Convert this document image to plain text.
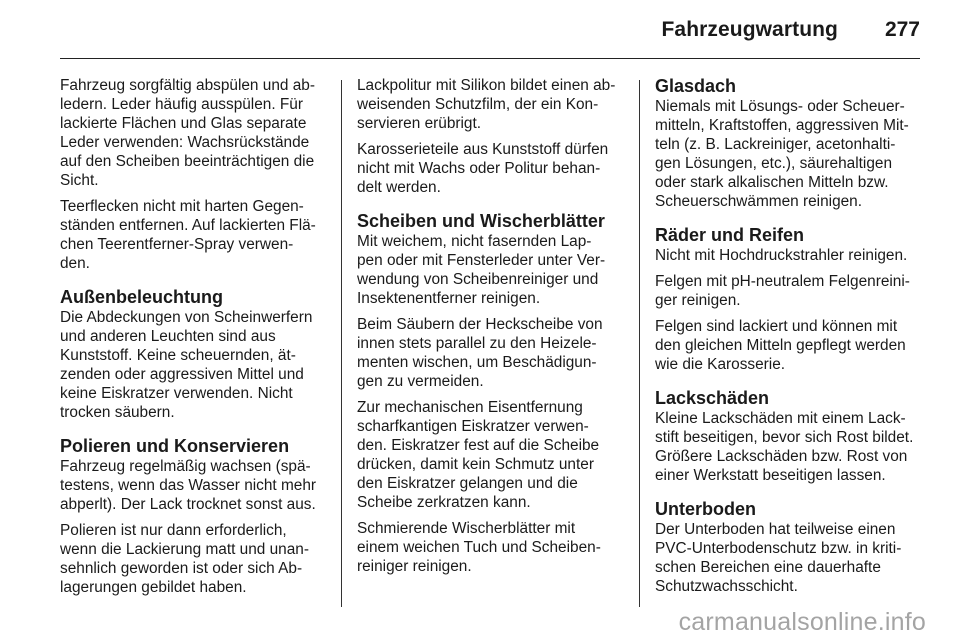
Fahrzeugwartung 277

Fahrzeug sorgfältig abspülen und ab-
ledern. Leder häufig ausspülen. Für
lackierte Flächen und Glas separate
Leder verwenden: Wachsrückstände
auf den Scheiben beeinträchtigen die
Sicht.

Teerflecken nicht mit harten Gegen-
ständen entfernen. Auf lackierten Flä-
chen Teerentferner-Spray verwen-
den.

Außenbeleuchtung

Die Abdeckungen von Scheinwerfern
und anderen Leuchten sind aus
Kunststoff. Keine scheuernden, ät-
zenden oder aggressiven Mittel und
keine Eiskratzer verwenden. Nicht
trocken säubern.

Polieren und Konservieren

Fahrzeug regelmäßig wachsen (spä-
testens, wenn das Wasser nicht mehr
abperlt). Der Lack trocknet sonst aus.

Polieren ist nur dann erforderlich,
wenn die Lackierung matt und unan-
sehnlich geworden ist oder sich Ab-
lagerungen gebildet haben.

Lackpolitur mit Silikon bildet einen ab-
weisenden Schutzfilm, der ein Kon-
servieren erübrigt.

Karosserieteile aus Kunststoff dürfen
nicht mit Wachs oder Politur behan-
delt werden.

Scheiben und Wischerblätter

Mit weichem, nicht fasernden Lap-
pen oder mit Fensterleder unter Ver-
wendung von Scheibenreiniger und
Insektenentferner reinigen.

Beim Säubern der Heckscheibe von
innen stets parallel zu den Heizele-
menten wischen, um Beschädigun-
gen zu vermeiden.

Zur mechanischen Eisentfernung
scharfkantigen Eiskratzer verwen-
den. Eiskratzer fest auf die Scheibe
drücken, damit kein Schmutz unter
den Eiskratzer gelangen und die
Scheibe zerkratzen kann.

Schmierende Wischerblätter mit
einem weichen Tuch und Scheiben-
reiniger reinigen.

Glasdach

Niemals mit Lösungs- oder Scheuer-
mitteln, Kraftstoffen, aggressiven Mit-
teln (z. B. Lackreiniger, acetonhalti-
gen Lösungen, etc.), säurehaltigen
oder stark alkalischen Mitteln bzw.
Scheuerschwämmen reinigen.

Räder und Reifen

Nicht mit Hochdruckstrahler reinigen.

Felgen mit pH-neutralem Felgenreini-
ger reinigen.

Felgen sind lackiert und können mit
den gleichen Mitteln gepflegt werden
wie die Karosserie.

Lackschäden

Kleine Lackschäden mit einem Lack-
stift beseitigen, bevor sich Rost bildet.
Größere Lackschäden bzw. Rost von
einer Werkstatt beseitigen lassen.

Unterboden

Der Unterboden hat teilweise einen
PVC-Unterbodenschutz bzw. in kriti-
schen Bereichen eine dauerhafte
Schutzwachsschicht.

carmanualsonline.info
